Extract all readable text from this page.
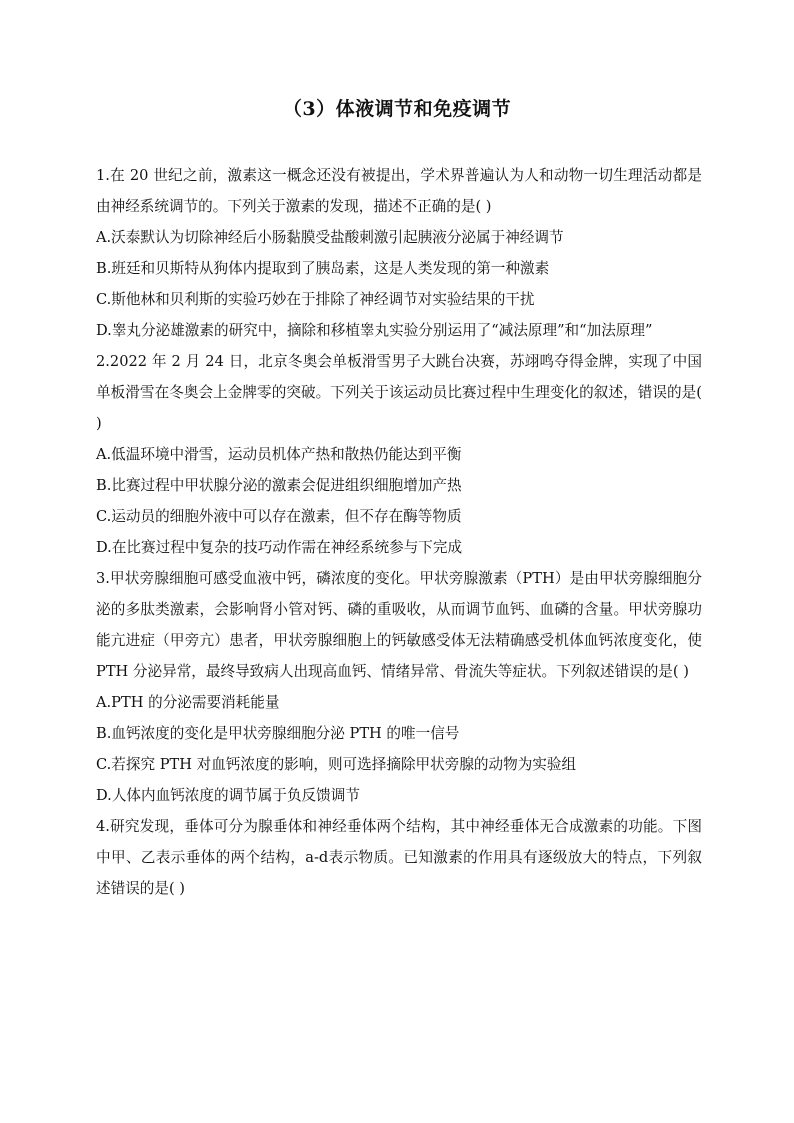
（3）体液调节和免疫调节

1.在 20 世纪之前，激素这一概念还没有被提出，学术界普遍认为人和动物一切生理活动都是由神经系统调节的。下列关于激素的发现，描述不正确的是( )

A.沃泰默认为切除神经后小肠黏膜受盐酸刺激引起胰液分泌属于神经调节

B.班廷和贝斯特从狗体内提取到了胰岛素，这是人类发现的第一种激素

C.斯他林和贝利斯的实验巧妙在于排除了神经调节对实验结果的干扰

D.睾丸分泌雄激素的研究中，摘除和移植睾丸实验分别运用了“减法原理”和“加法原理”

2.2022 年 2 月 24 日，北京冬奥会单板滑雪男子大跳台决赛，苏翊鸣夺得金牌，实现了中国单板滑雪在冬奥会上金牌零的突破。下列关于该运动员比赛过程中生理变化的叙述，错误的是( )

A.低温环境中滑雪，运动员机体产热和散热仍能达到平衡

B.比赛过程中甲状腺分泌的激素会促进组织细胞增加产热

C.运动员的细胞外液中可以存在激素，但不存在酶等物质

D.在比赛过程中复杂的技巧动作需在神经系统参与下完成

3.甲状旁腺细胞可感受血液中钙，磷浓度的变化。甲状旁腺激素（PTH）是由甲状旁腺细胞分泌的多肽类激素，会影响肾小管对钙、磷的重吸收，从而调节血钙、血磷的含量。甲状旁腺功能亢进症（甲旁亢）患者，甲状旁腺细胞上的钙敏感受体无法精确感受机体血钙浓度变化，使 PTH 分泌异常，最终导致病人出现高血钙、情绪异常、骨流失等症状。下列叙述错误的是( )

A.PTH 的分泌需要消耗能量

B.血钙浓度的变化是甲状旁腺细胞分泌 PTH 的唯一信号

C.若探究 PTH 对血钙浓度的影响，则可选择摘除甲状旁腺的动物为实验组

D.人体内血钙浓度的调节属于负反馈调节

4.研究发现，垂体可分为腺垂体和神经垂体两个结构，其中神经垂体无合成激素的功能。下图中甲、乙表示垂体的两个结构，a-d表示物质。已知激素的作用具有逐级放大的特点，下列叙述错误的是( )
